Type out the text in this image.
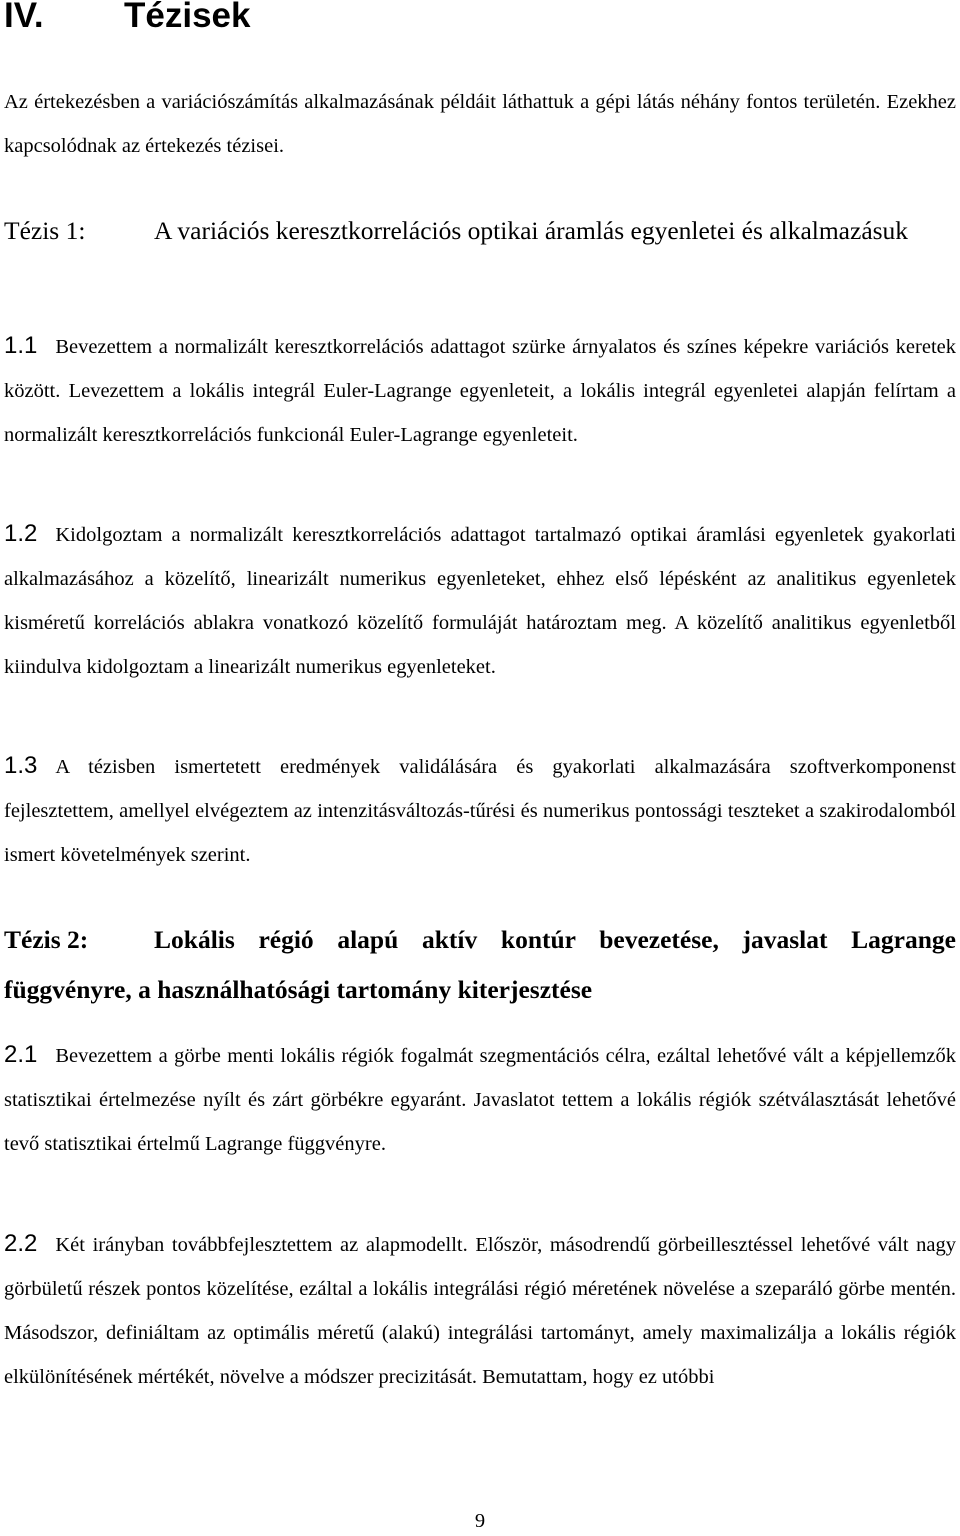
IV. Tézisek
Az értekezésben a variációszámítás alkalmazásának példáit láthattuk a gépi látás néhány fontos területén. Ezekhez kapcsolódnak az értekezés tézisei.
Tézis 1:	A variációs keresztkorrelációs optikai áramlás egyenletei és alkalmazásuk
1.1 Bevezettem a normalizált keresztkorrelációs adattagot szürke árnyalatos és színes képekre variációs keretek között. Levezettem a lokális integrál Euler-Lagrange egyenleteit, a lokális integrál egyenletei alapján felírtam a normalizált keresztkorrelációs funkcionál Euler-Lagrange egyenleteit.
1.2 Kidolgoztam a normalizált keresztkorrelációs adattagot tartalmazó optikai áramlási egyenletek gyakorlati alkalmazásához a közelítő, linearizált numerikus egyenleteket, ehhez első lépésként az analitikus egyenletek kisméretű korrelációs ablakra vonatkozó közelítő formuláját határoztam meg. A közelítő analitikus egyenletből kiindulva kidolgoztam a linearizált numerikus egyenleteket.
1.3 A tézisben ismertetett eredmények validálására és gyakorlati alkalmazására szoftverkomponenst fejlesztettem, amellyel elvégeztem az intenzitásváltozás-tűrési és numerikus pontossági teszteket a szakirodalomból ismert követelmények szerint.
Tézis 2:	Lokális régió alapú aktív kontúr bevezetése, javaslat Lagrange függvényre, a használhatósági tartomány kiterjesztése
2.1 Bevezettem a görbe menti lokális régiók fogalmát szegmentációs célra, ezáltal lehetővé vált a képjellemzők statisztikai értelmezése nyílt és zárt görbékre egyaránt. Javaslatot tettem a lokális régiók szétválasztását lehetővé tevő statisztikai értelmű Lagrange függvényre.
2.2 Két irányban továbbfejlesztettem az alapmodellt. Először, másodrendű görbeillesztéssel lehetővé vált nagy görbületű részek pontos közelítése, ezáltal a lokális integrálási régió méretének növelése a szeparáló görbe mentén. Másodszor, definiáltam az optimális méretű (alakú) integrálási tartományt, amely maximalizálja a lokális régiók elkülönítésének mértékét, növelve a módszer precizitását. Bemutattam, hogy ez utóbbi
9
